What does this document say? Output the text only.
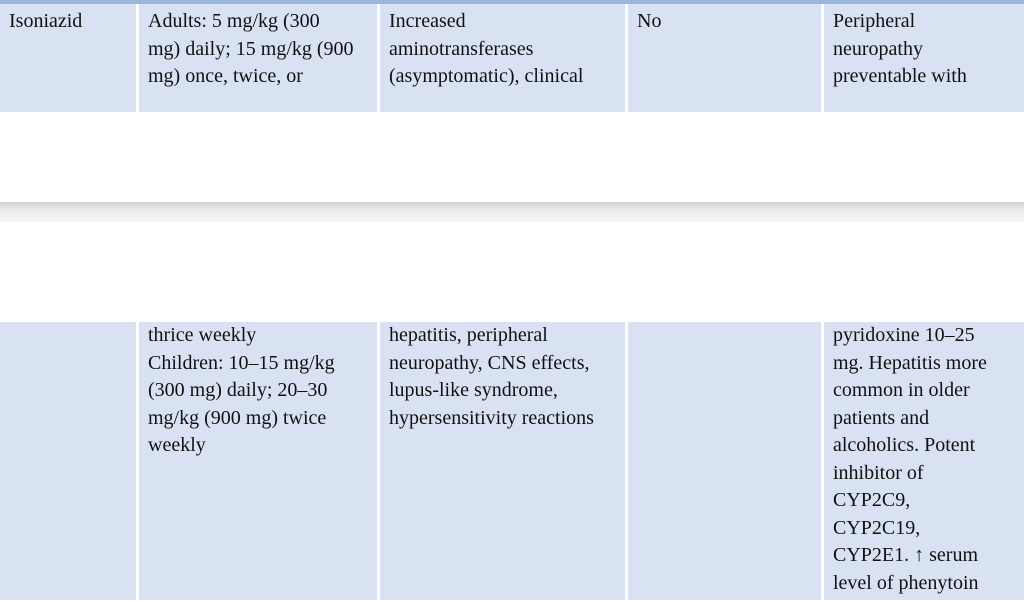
Isoniazid	Adults: 5 mg/kg (300
mg) daily; 15 mg/kg (900
mg) once, twice, or
Increased
aminotransferases
(asymptomatic), clinical
No	Peripheral
neuropathy
preventable with
thrice weekly
Children: 10–15 mg/kg
(300 mg) daily; 20–30
mg/kg (900 mg) twice
weekly
hepatitis, peripheral
neuropathy, CNS effects,
lupus-like syndrome,
hypersensitivity reactions
pyridoxine 10–25
mg. Hepatitis more
common in older
patients and
alcoholics. Potent
inhibitor of
CYP2C9,
CYP2C19,
CYP2E1. ↑ serum
level of phenytoin
